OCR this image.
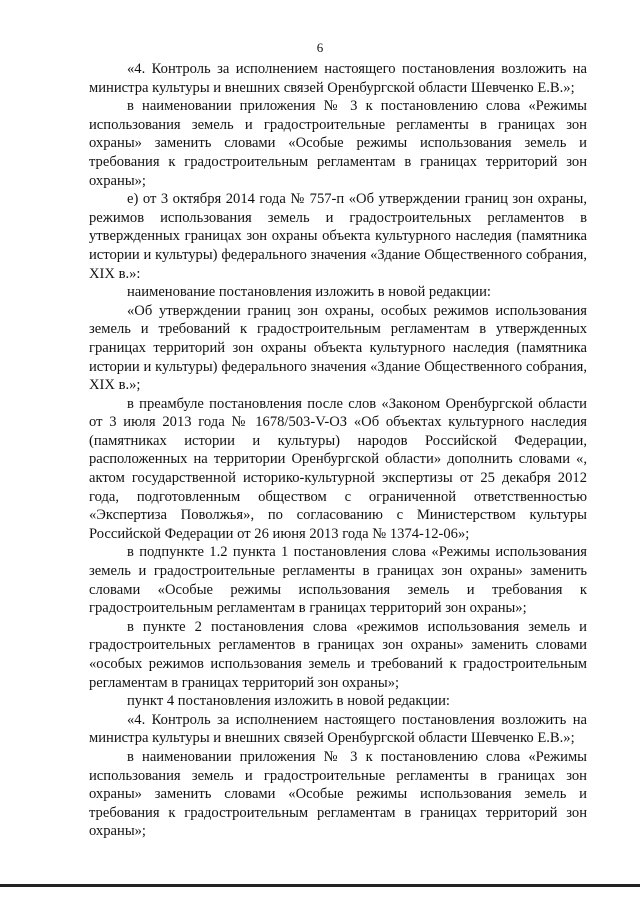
6

«4. Контроль за исполнением настоящего постановления возложить на министра культуры и внешних связей Оренбургской области Шевченко Е.В.»;

в наименовании приложения № 3 к постановлению слова «Режимы использования земель и градостроительные регламенты в границах зон охраны» заменить словами «Особые режимы использования земель и требования к градостроительным регламентам в границах территорий зон охраны»;

е) от 3 октября 2014 года № 757-п «Об утверждении границ зон охраны, режимов использования земель и градостроительных регламентов в утвержденных границах зон охраны объекта культурного наследия (памятника истории и культуры) федерального значения «Здание Общественного собрания, XIX в.»:

наименование постановления изложить в новой редакции:

«Об утверждении границ зон охраны, особых режимов использования земель и требований к градостроительным регламентам в утвержденных границах территорий зон охраны объекта культурного наследия (памятника истории и культуры) федерального значения «Здание Общественного собрания, XIX в.»;

в преамбуле постановления после слов «Законом Оренбургской области от 3 июля 2013 года № 1678/503-V-ОЗ «Об объектах культурного наследия (памятниках истории и культуры) народов Российской Федерации, расположенных на территории Оренбургской области» дополнить словами «, актом государственной историко-культурной экспертизы от 25 декабря 2012 года, подготовленным обществом с ограниченной ответственностью «Экспертиза Поволжья», по согласованию с Министерством культуры Российской Федерации от 26 июня 2013 года № 1374-12-06»;

в подпункте 1.2 пункта 1 постановления слова «Режимы использования земель и градостроительные регламенты в границах зон охраны» заменить словами «Особые режимы использования земель и требования к градостроительным регламентам в границах территорий зон охраны»;

в пункте 2 постановления слова «режимов использования земель и градостроительных регламентов в границах зон охраны» заменить словами «особых режимов использования земель и требований к градостроительным регламентам в границах территорий зон охраны»;

пункт 4 постановления изложить в новой редакции:

«4. Контроль за исполнением настоящего постановления возложить на министра культуры и внешних связей Оренбургской области Шевченко Е.В.»;

в наименовании приложения № 3 к постановлению слова «Режимы использования земель и градостроительные регламенты в границах зон охраны» заменить словами «Особые режимы использования земель и требования к градостроительным регламентам в границах территорий зон охраны»;
